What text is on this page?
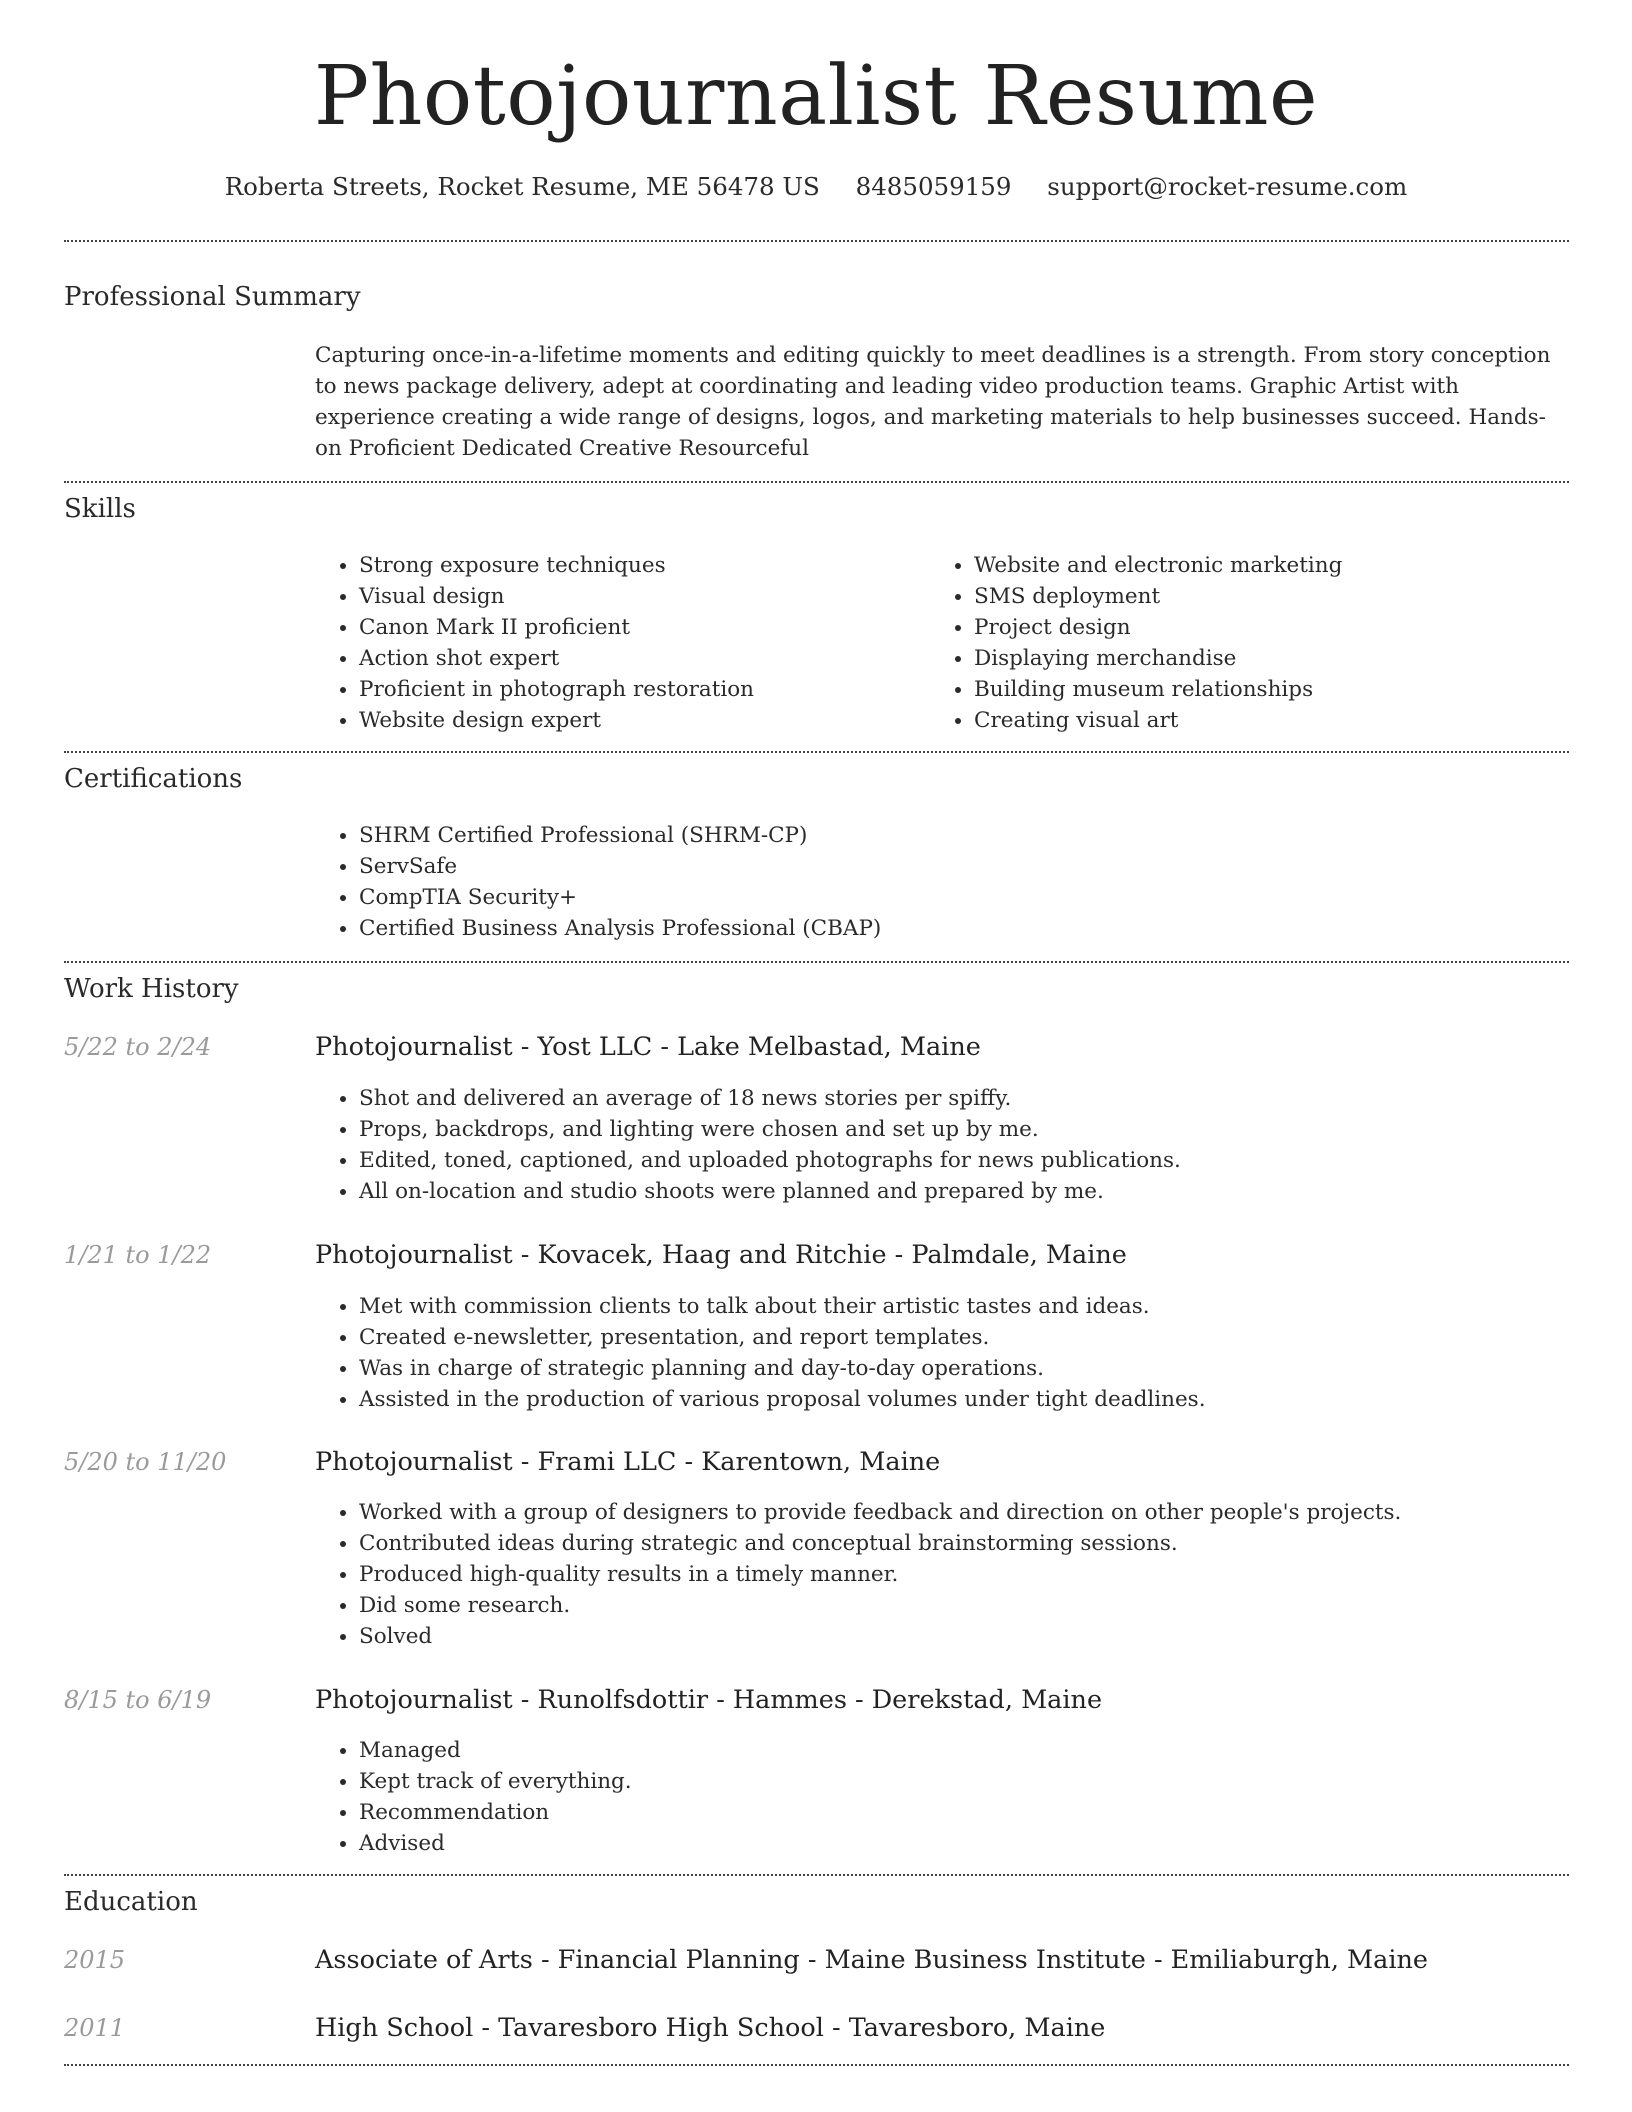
Photojournalist Resume
Roberta Streets, Rocket Resume, ME 56478 US 8485059159 support@rocket-resume.com
Professional Summary

Capturing once-in-a-lifetime moments and editing quickly to meet deadlines is a strength. From story conception to news package delivery, adept at coordinating and leading video production teams. Graphic Artist with experience creating a wide range of designs, logos, and marketing materials to help businesses succeed. Hands-on Proficient Dedicated Creative Resourceful

Skills
• Strong exposure techniques
• Visual design
• Canon Mark II proficient
• Action shot expert
• Proficient in photograph restoration
• Website design expert
• Website and electronic marketing
• SMS deployment
• Project design
• Displaying merchandise
• Building museum relationships
• Creating visual art
Certifications
• SHRM Certified Professional (SHRM-CP)
• ServSafe
• CompTIA Security+
• Certified Business Analysis Professional (CBAP)
Work History
5/22 to 2/24	Photojournalist - Yost LLC - Lake Melbastad, Maine
• Shot and delivered an average of 18 news stories per spiffy.
• Props, backdrops, and lighting were chosen and set up by me.
• Edited, toned, captioned, and uploaded photographs for news publications.
• All on-location and studio shoots were planned and prepared by me.
1/21 to 1/22	Photojournalist - Kovacek, Haag and Ritchie - Palmdale, Maine
• Met with commission clients to talk about their artistic tastes and ideas.
• Created e-newsletter, presentation, and report templates.
• Was in charge of strategic planning and day-to-day operations.
• Assisted in the production of various proposal volumes under tight deadlines.
5/20 to 11/20	Photojournalist - Frami LLC - Karentown, Maine
• Worked with a group of designers to provide feedback and direction on other people's projects.
• Contributed ideas during strategic and conceptual brainstorming sessions.
• Produced high-quality results in a timely manner.
• Did some research.
• Solved
8/15 to 6/19	Photojournalist - Runolfsdottir - Hammes - Derekstad, Maine
• Managed
• Kept track of everything.
• Recommendation
• Advised
Education
2015	Associate of Arts - Financial Planning - Maine Business Institute - Emiliaburgh, Maine
2011	High School - Tavaresboro High School - Tavaresboro, Maine
